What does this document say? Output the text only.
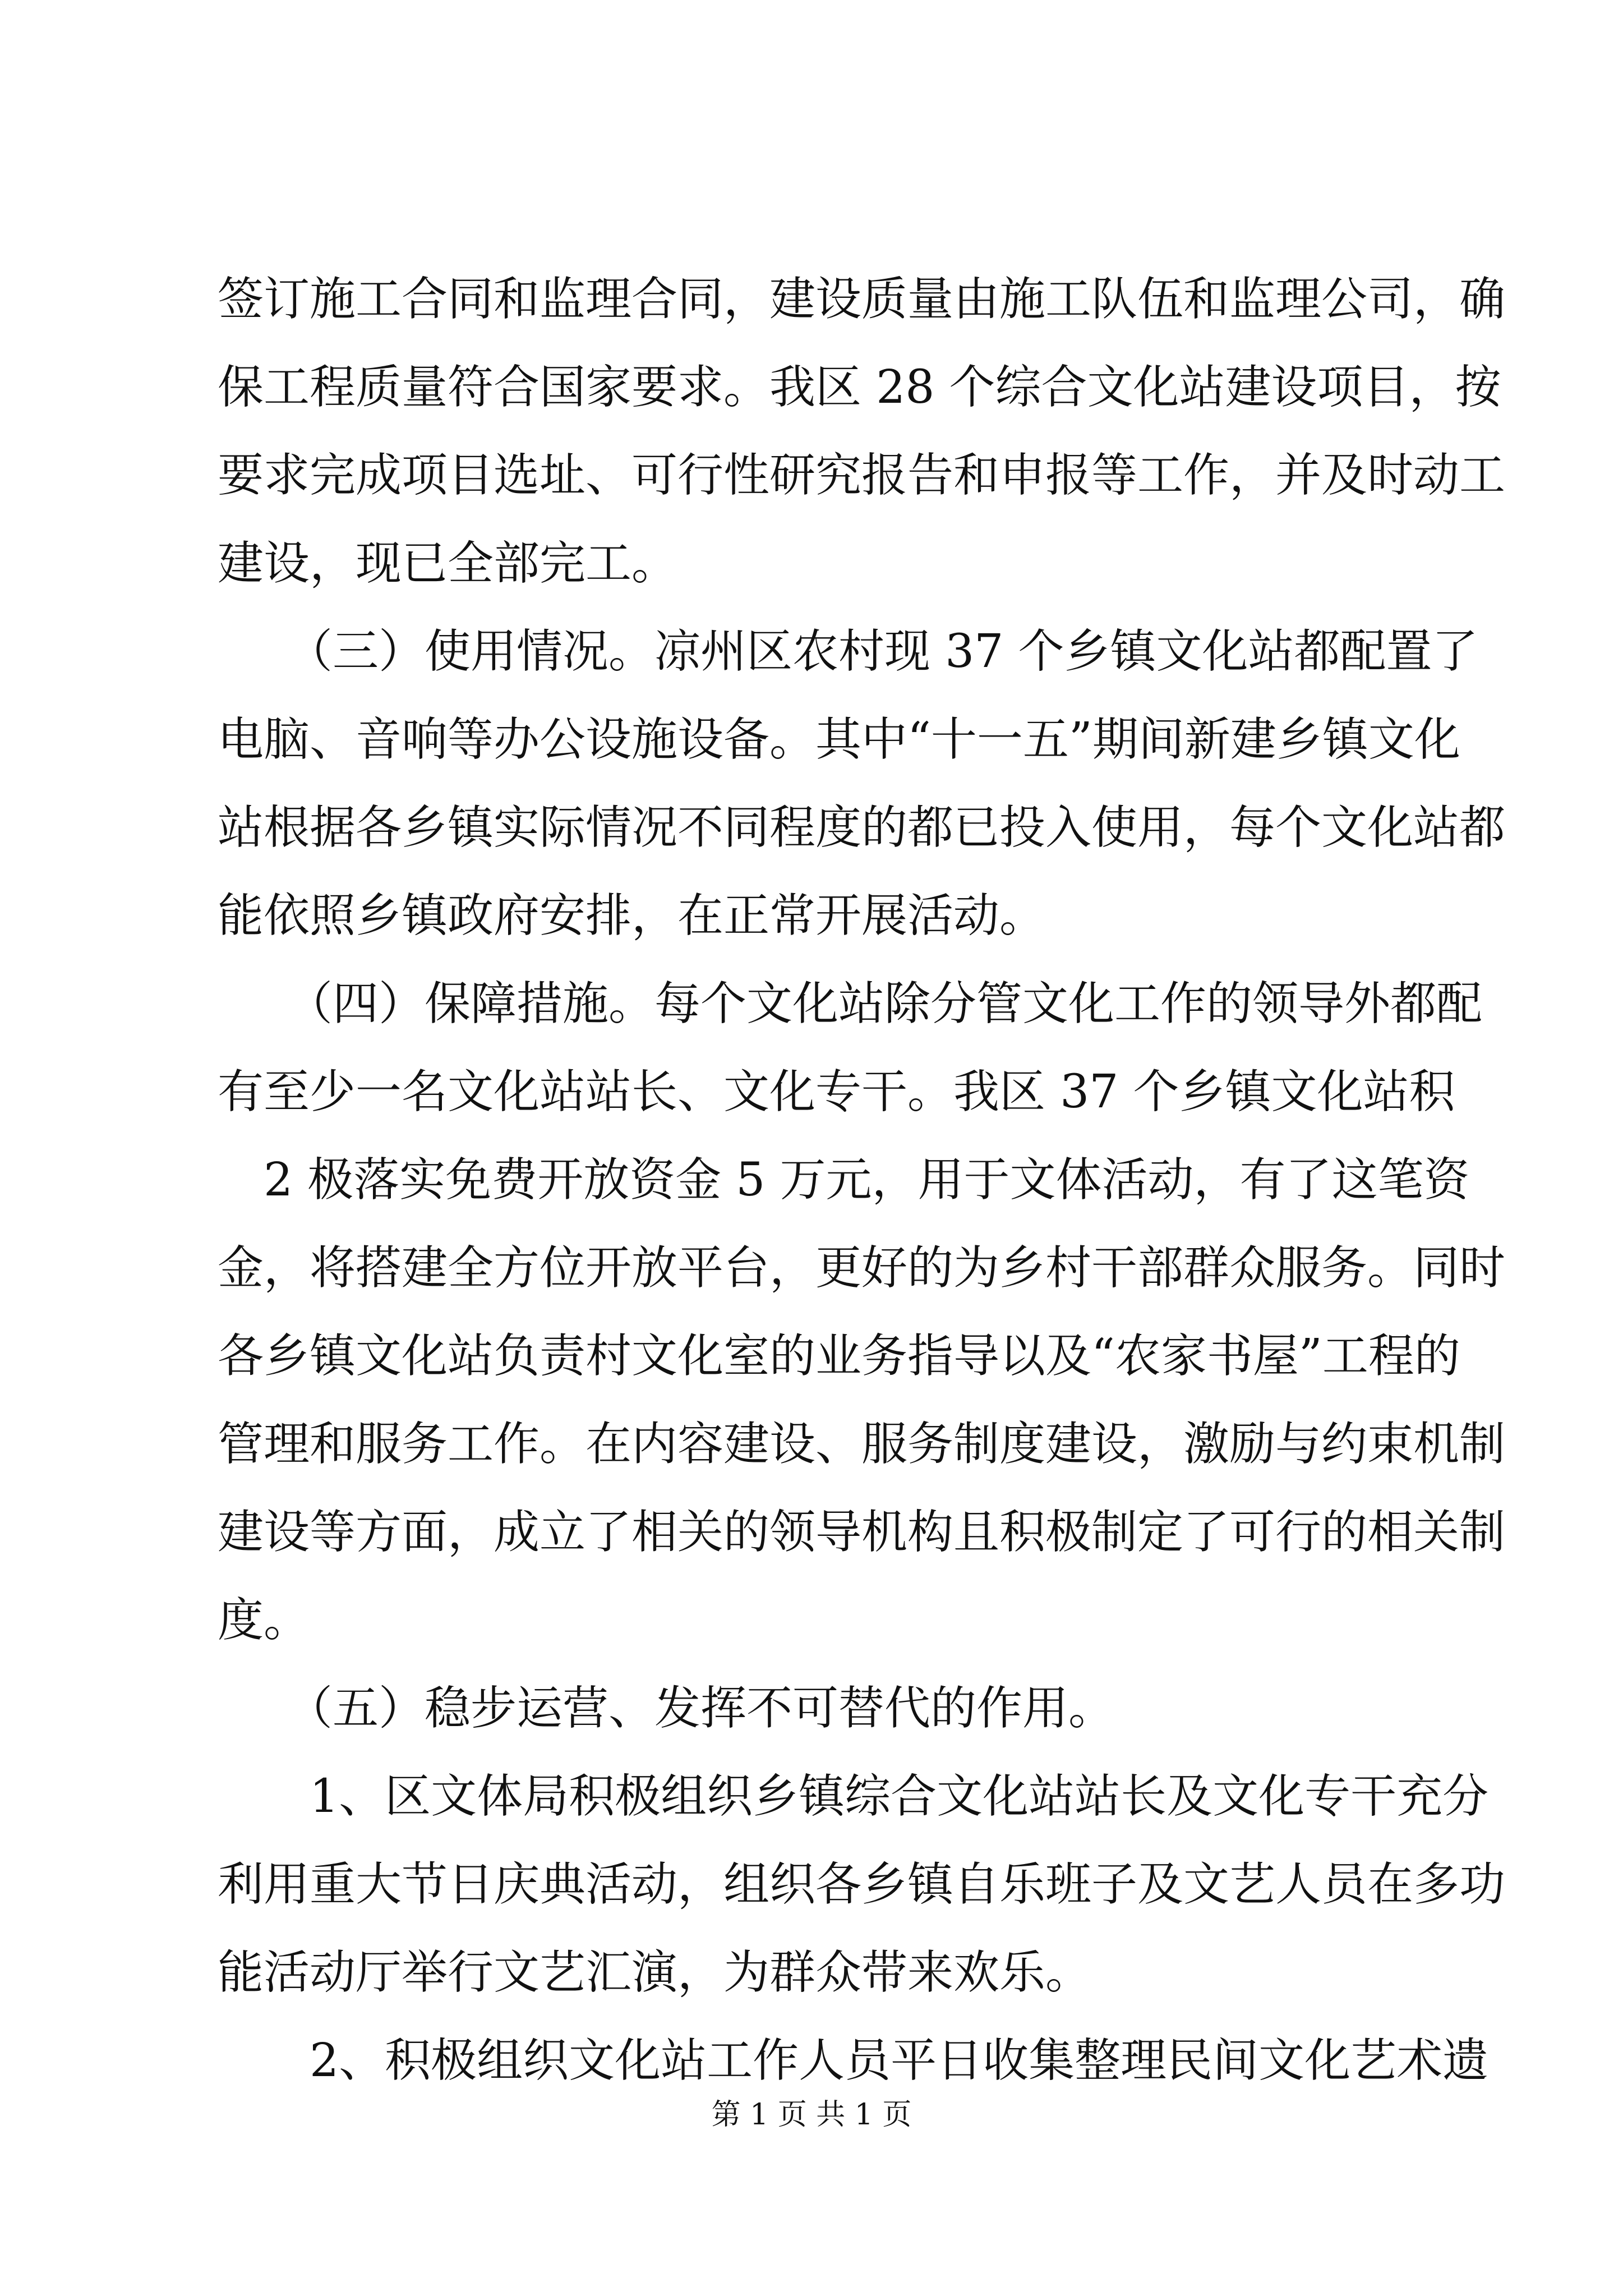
签订施工合同和监理合同，建设质量由施工队伍和监理公司，确
保工程质量符合国家要求。我区 28 个综合文化站建设项目，按
要求完成项目选址、可行性研究报告和申报等工作，并及时动工
建设，现已全部完工。
　　（三）使用情况。凉州区农村现 37 个乡镇文化站都配置了
电脑、音响等办公设施设备。其中“十一五”期间新建乡镇文化
站根据各乡镇实际情况不同程度的都已投入使用，每个文化站都
能依照乡镇政府安排，在正常开展活动。
　　（四）保障措施。每个文化站除分管文化工作的领导外都配
有至少一名文化站站长、文化专干。我区 37 个乡镇文化站积
　2 极落实免费开放资金 5 万元，用于文体活动，有了这笔资
金，将搭建全方位开放平台，更好的为乡村干部群众服务。同时
各乡镇文化站负责村文化室的业务指导以及“农家书屋”工程的
管理和服务工作。在内容建设、服务制度建设，激励与约束机制
建设等方面，成立了相关的领导机构且积极制定了可行的相关制
度。
　　（五）稳步运营、发挥不可替代的作用。
　　1、区文体局积极组织乡镇综合文化站站长及文化专干充分
利用重大节日庆典活动，组织各乡镇自乐班子及文艺人员在多功
能活动厅举行文艺汇演，为群众带来欢乐。
　　2、积极组织文化站工作人员平日收集整理民间文化艺术遗
第 1 页 共 1 页
